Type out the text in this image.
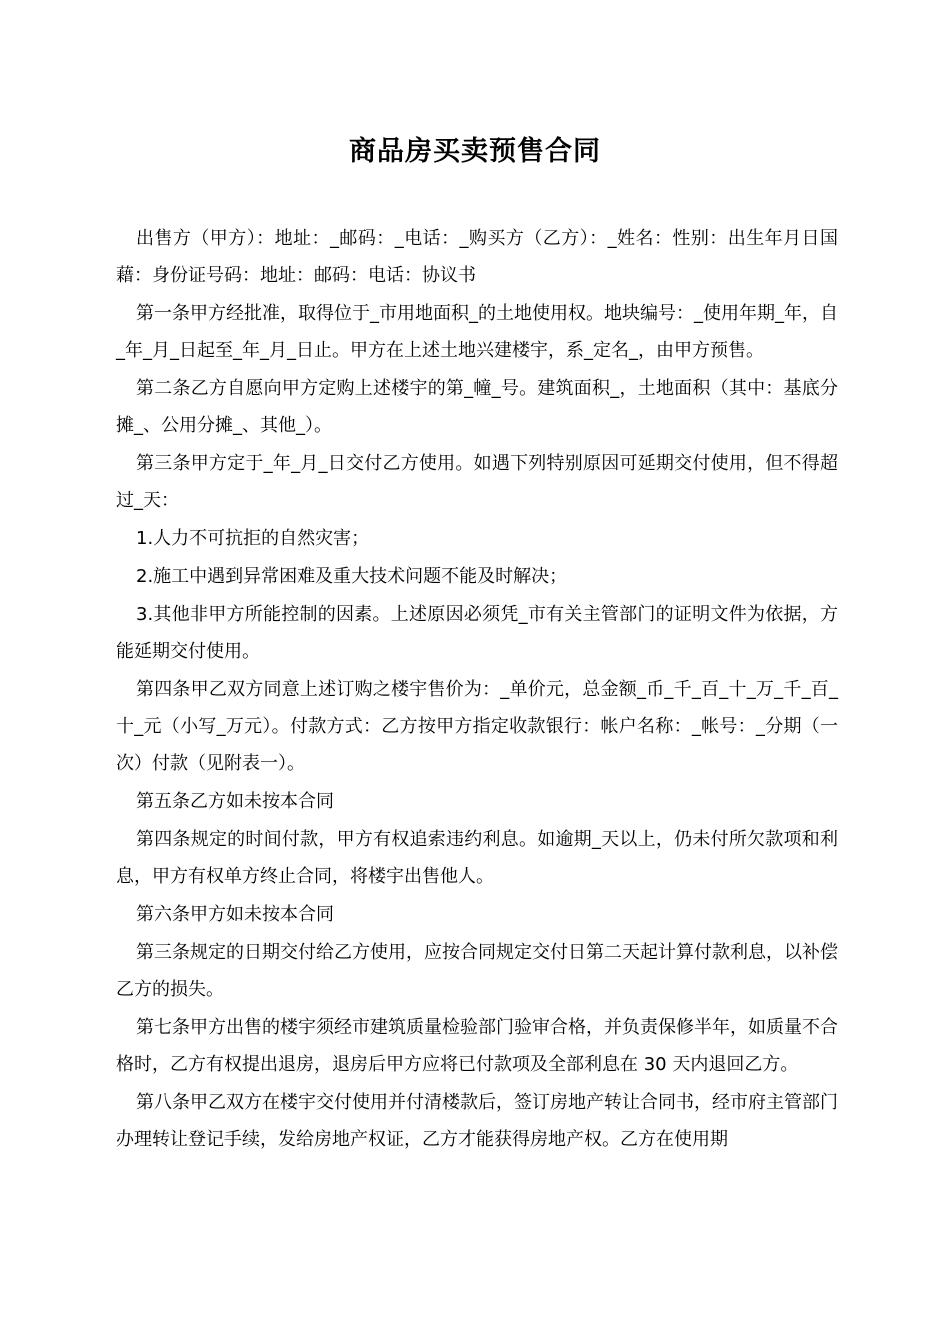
商品房买卖预售合同

出售方（甲方）：地址：_邮码：_电话：_购买方（乙方）：_姓名：性别：出生年月日国藉：身份证号码：地址：邮码：电话：协议书

第一条甲方经批准，取得位于_市用地面积_的土地使用权。地块编号：_使用年期_年，自_年_月_日起至_年_月_日止。甲方在上述土地兴建楼宇，系_定名_，由甲方预售。

第二条乙方自愿向甲方定购上述楼宇的第_幢_号。建筑面积_，土地面积（其中：基底分摊_、公用分摊_、其他_）。

第三条甲方定于_年_月_日交付乙方使用。如遇下列特别原因可延期交付使用，但不得超过_天：

1.人力不可抗拒的自然灾害；

2.施工中遇到异常困难及重大技术问题不能及时解决；

3.其他非甲方所能控制的因素。上述原因必须凭_市有关主管部门的证明文件为依据，方能延期交付使用。

第四条甲乙双方同意上述订购之楼宇售价为：_单价元，总金额_币_千_百_十_万_千_百_十_元（小写_万元）。付款方式：乙方按甲方指定收款银行：帐户名称：_帐号：_分期（一次）付款（见附表一）。

第五条乙方如未按本合同

第四条规定的时间付款，甲方有权追索违约利息。如逾期_天以上，仍未付所欠款项和利息，甲方有权单方终止合同，将楼宇出售他人。

第六条甲方如未按本合同

第三条规定的日期交付给乙方使用，应按合同规定交付日第二天起计算付款利息，以补偿乙方的损失。

第七条甲方出售的楼宇须经市建筑质量检验部门验审合格，并负责保修半年，如质量不合格时，乙方有权提出退房，退房后甲方应将已付款项及全部利息在 30 天内退回乙方。

第八条甲乙双方在楼宇交付使用并付清楼款后，签订房地产转让合同书，经市府主管部门办理转让登记手续，发给房地产权证，乙方才能获得房地产权。乙方在使用期
